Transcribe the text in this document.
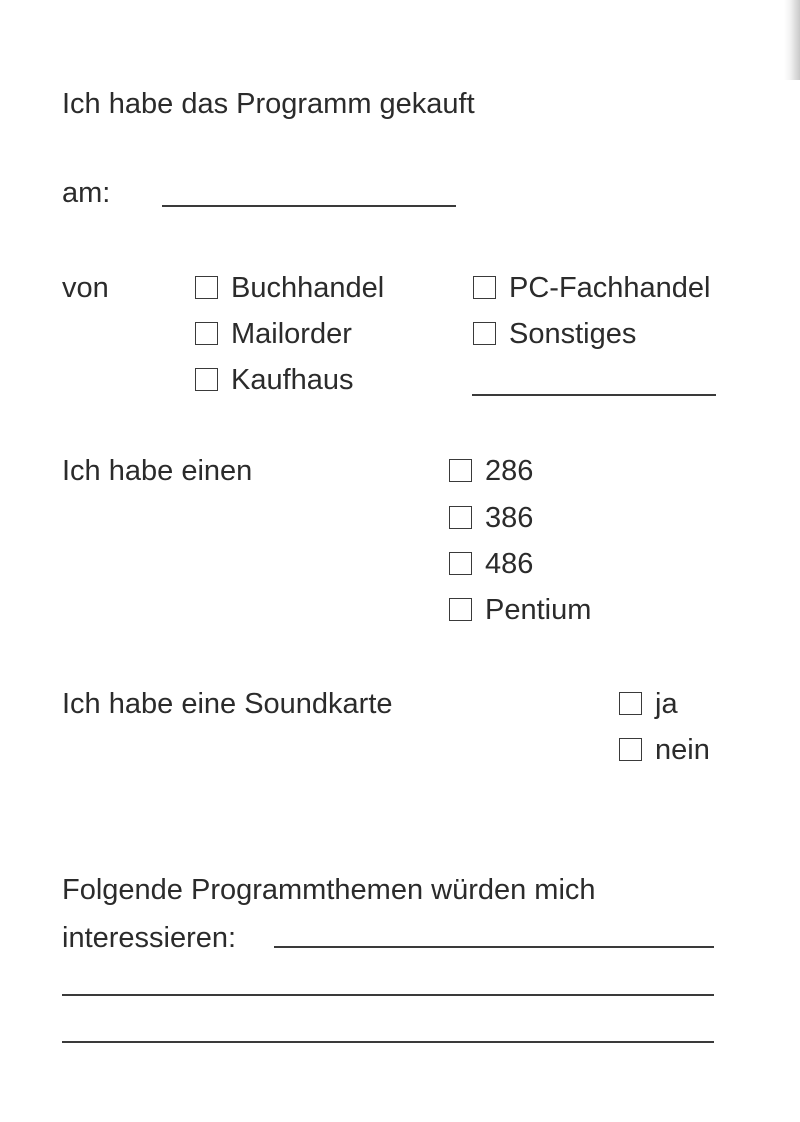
Ich habe das Programm gekauft
am:
von	Buchhandel	PC-Fachhandel
Mailorder	Sonstiges
Kaufhaus
Ich habe einen	286
386
486
Pentium
Ich habe eine Soundkarte	ja
nein
Folgende Programmthemen würden mich
interessieren:
